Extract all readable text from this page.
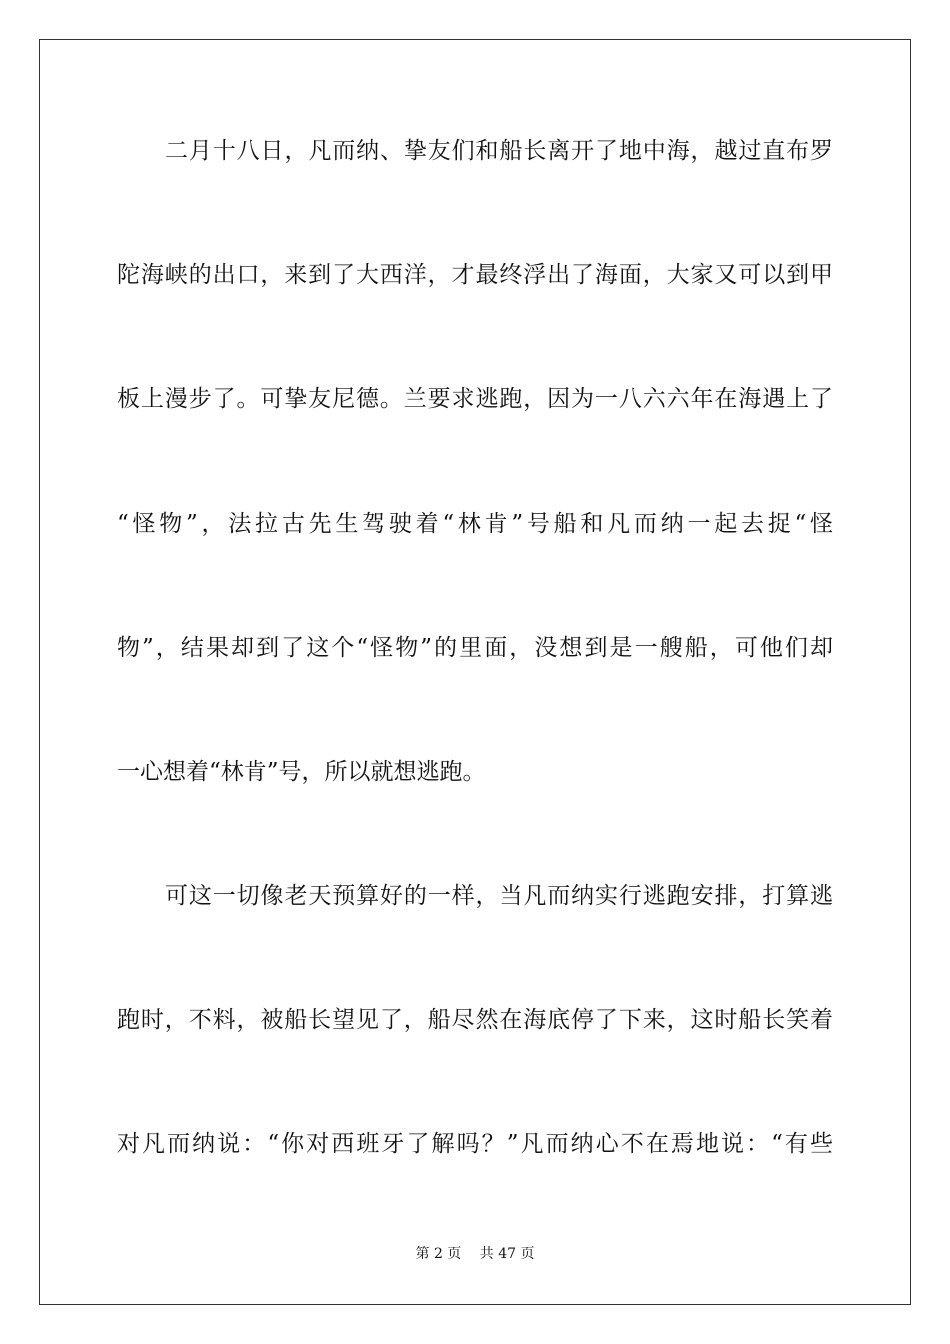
二月十八日，凡而纳、挚友们和船长离开了地中海，越过直布罗
陀海峡的出口，来到了大西洋，才最终浮出了海面，大家又可以到甲
板上漫步了。可挚友尼德。兰要求逃跑，因为一八六六年在海遇上了
“怪物”，法拉古先生驾驶着“林肯”号船和凡而纳一起去捉“怪
物”，结果却到了这个“怪物”的里面，没想到是一艘船，可他们却
一心想着“林肯”号，所以就想逃跑。
可这一切像老天预算好的一样，当凡而纳实行逃跑安排，打算逃
跑时，不料，被船长望见了，船尽然在海底停了下来，这时船长笑着
对凡而纳说：“你对西班牙了解吗？”凡而纳心不在焉地说：“有些
第 2 页　 共 47 页
